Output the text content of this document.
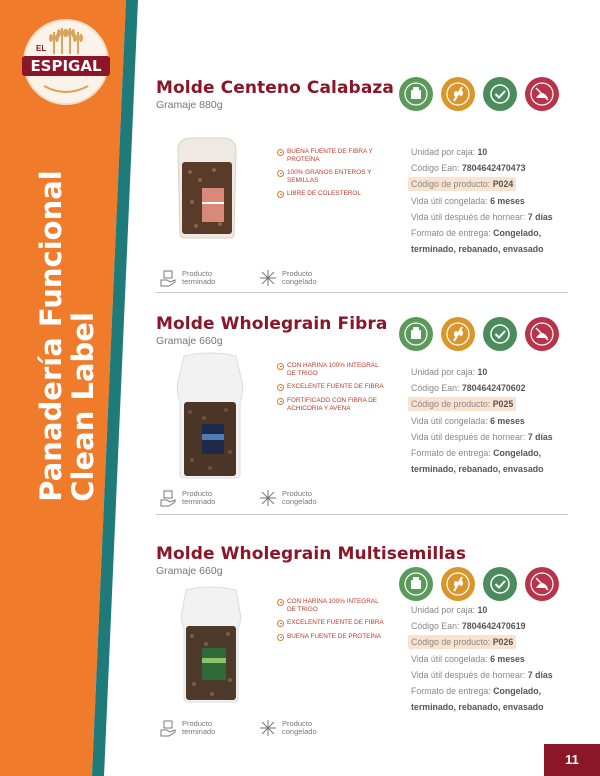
Panadería Funcional
Clean Label
EL
ESPIGAL
Molde Centeno Calabaza
Gramaje 880g
BUENA FUENTE DE FIBRA Y PROTEÍNA
100% GRANOS ENTEROS Y SEMILLAS
LIBRE DE COLESTEROL
Unidad por caja: 10
Código Ean: 7804642470473
Código de producto: P024
Vida útil congelada: 6 meses
Vida útil después de hornear: 7 días
Formato de entrega: Congelado,
terminado, rebanado, envasado
Producto
terminado
Producto
congelado
Molde Wholegrain Fibra
Gramaje 660g
CON HARINA 100% INTEGRAL DE TRIGO
EXCELENTE FUENTE DE FIBRA
FORTIFICADO CON FIBRA DE ACHICORIA Y AVENA
Unidad por caja: 10
Código Ean: 7804642470602
Código de producto: P025
Vida útil congelada: 6 meses
Vida útil después de hornear: 7 días
Formato de entrega: Congelado,
terminado, rebanado, envasado
Producto
terminado
Producto
congelado
Molde Wholegrain Multisemillas
Gramaje 660g
CON HARINA 100% INTEGRAL DE TRIGO
EXCELENTE FUENTE DE FIBRA
BUENA FUENTE DE PROTEÍNA
Unidad por caja: 10
Código Ean: 7804642470619
Código de producto: P026
Vida útil congelada: 6 meses
Vida útil después de hornear: 7 días
Formato de entrega: Congelado,
terminado, rebanado, envasado
Producto
terminado
Producto
congelado
11
